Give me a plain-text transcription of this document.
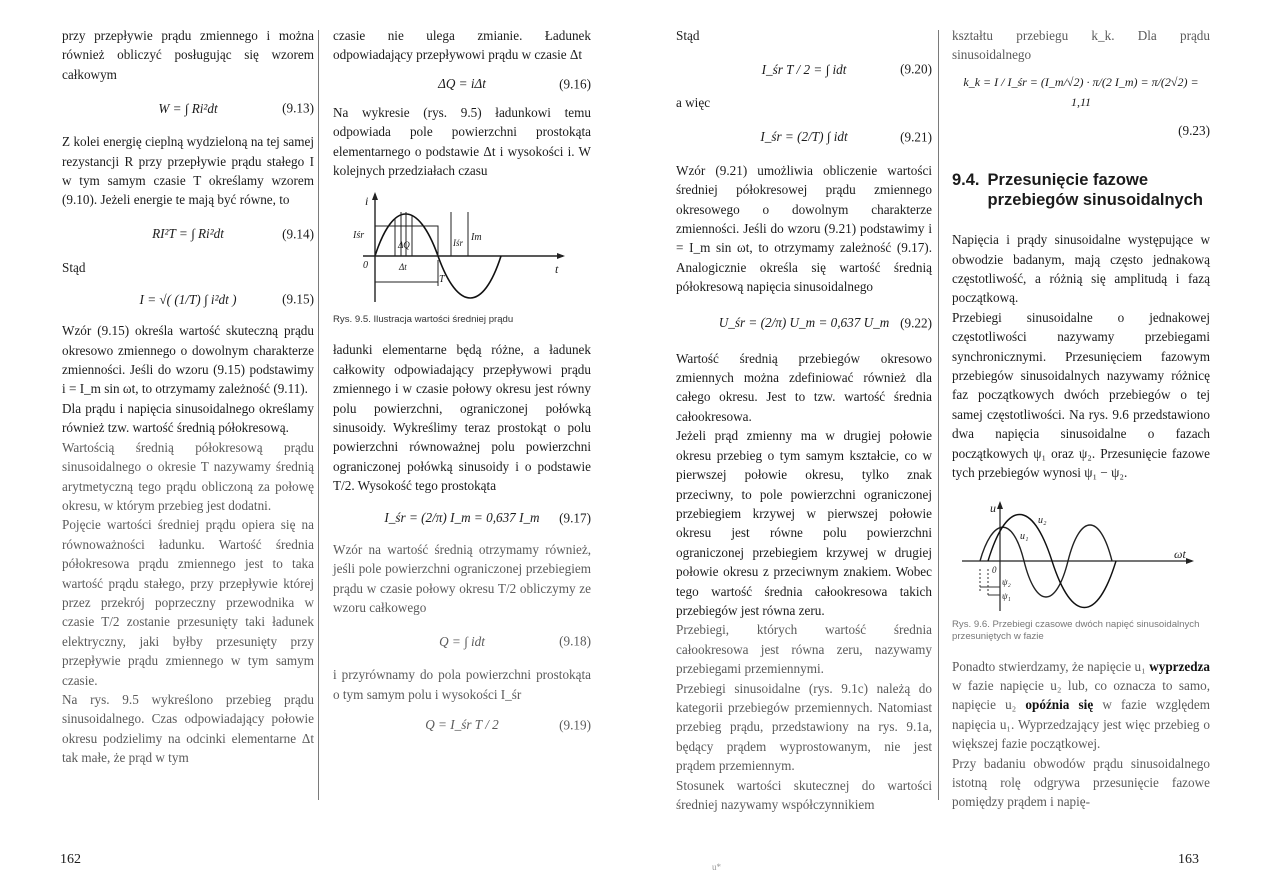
przy przepływie prądu zmiennego i można również obliczyć posługując się wzorem całkowym

W = ∫ Ri²dt	(9.13)

Z kolei energię cieplną wydzieloną na tej samej rezystancji R przy przepływie prądu stałego I w tym samym czasie T określamy wzorem (9.10). Jeżeli energie te mają być równe, to

RI²T = ∫ Ri²dt	(9.14)

Stąd

I = √( (1/T) ∫ i²dt )	(9.15)

Wzór (9.15) określa wartość skuteczną prądu okresowo zmiennego o dowolnym charakterze zmienności. Jeśli do wzoru (9.15) podstawimy i = I_m sin ωt, to otrzymamy zależność (9.11).

Dla prądu i napięcia sinusoidalnego określamy również tzw. wartość średnią półokresową.

Wartością średnią półokresową prądu sinusoidalnego o okresie T nazywamy średnią arytmetyczną tego prądu obliczoną za połowę okresu, w którym przebieg jest dodatni.

Pojęcie wartości średniej prądu opiera się na równoważności ładunku. Wartość średnia półokresowa prądu zmiennego jest to taka wartość prądu stałego, przy przepływie której przez przekrój poprzeczny przewodnika w czasie T/2 zostanie przesunięty taki ładunek elektryczny, jaki byłby przesunięty przy przepływie prądu zmiennego w tym samym czasie.

Na rys. 9.5 wykreślono przebieg prądu sinusoidalnego. Czas odpowiadający połowie okresu podzielimy na odcinki elementarne Δt tak małe, że prąd w tym

czasie nie ulega zmianie. Ładunek odpowiadający przepływowi prądu w czasie Δt

ΔQ = iΔt	(9.16)

Na wykresie (rys. 9.5) ładunkowi temu odpowiada pole powierzchni prostokąta elementarnego o podstawie Δt i wysokości i. W kolejnych przedziałach czasu

i
Iśr
0
ΔQ	Iśr Im
Δt
T
t

Rys. 9.5. Ilustracja wartości średniej prądu

ładunki elementarne będą różne, a ładunek całkowity odpowiadający przepływowi prądu zmiennego i w czasie połowy okresu jest równy polu powierzchni, ograniczonej połówką sinusoidy. Wykreślimy teraz prostokąt o polu powierzchni równoważnej polu powierzchni ograniczonej połówką sinusoidy i o podstawie T/2. Wysokość tego prostokąta

I_śr = (2/π) I_m = 0,637 I_m (9.17)

Wzór na wartość średnią otrzymamy również, jeśli pole powierzchni ograniczonej przebiegiem prądu w czasie połowy okresu T/2 obliczymy ze wzoru całkowego

Q = ∫ idt	(9.18)

i przyrównamy do pola powierzchni prostokąta o tym samym polu i wysokości I_śr

Q = I_śr T / 2	(9.19)
162

Stąd

I_śr T / 2 = ∫ idt	(9.20)

a więc

I_śr = (2/T) ∫ idt	(9.21)

Wzór (9.21) umożliwia obliczenie wartości średniej półokresowej prądu zmiennego okresowego o dowolnym charakterze zmienności. Jeśli do wzoru (9.21) podstawimy i = I_m sin ωt, to otrzymamy zależność (9.17). Analogicznie określa się wartość średnią półokresową napięcia sinusoidalnego

U_śr = (2/π) U_m = 0,637 U_m (9.22)

Wartość średnią przebiegów okresowo zmiennych można zdefiniować również dla całego okresu. Jest to tzw. wartość średnia całookresowa.

Jeżeli prąd zmienny ma w drugiej połowie okresu przebieg o tym samym kształcie, co w pierwszej połowie okresu, tylko znak przeciwny, to pole powierzchni ograniczonej przebiegiem krzywej w pierwszej połowie okresu jest równe polu powierzchni ograniczonej przebiegiem krzywej w drugiej połowie okresu z przeciwnym znakiem. Wobec tego wartość średnia całookresowa takich przebiegów jest równa zeru.

Przebiegi, których wartość średnia całookresowa jest równa zeru, nazywamy przebiegami przemiennymi.

Przebiegi sinusoidalne (rys. 9.1c) należą do kategorii przebiegów przemiennych. Natomiast przebieg prądu, przedstawiony na rys. 9.1a, będący prądem wyprostowanym, nie jest prądem przemiennym.

Stosunek wartości skutecznej do wartości średniej nazywamy współczynnikiem

kształtu przebiegu k_k. Dla prądu sinusoidalnego

k_k = I / I_śr = (I_m/√2) · π/(2 I_m) = π/(2√2) = 1,11
(9.23)
9.4. Przesunięcie fazowe przebiegów sinusoidalnych

Napięcia i prądy sinusoidalne występujące w obwodzie badanym, mają często jednakową częstotliwość, a różnią się amplitudą i fazą początkową.

Przebiegi sinusoidalne o jednakowej częstotliwości nazywamy przebiegami synchronicznymi. Przesunięciem fazowym przebiegów sinusoidalnych nazywamy różnicę faz początkowych dwóch przebiegów o tej samej częstotliwości. Na rys. 9.6 przedstawiono dwa napięcia sinusoidalne o fazach początkowych ψ₁ oraz ψ₂. Przesunięcie fazowe tych przebiegów wynosi ψ₁ − ψ₂.

u
u₂
u₁
0
ψ₂
ψ₁
ωt

Rys. 9.6. Przebiegi czasowe dwóch napięć sinusoidalnych przesuniętych w fazie

Ponadto stwierdzamy, że napięcie u₁ wyprzedza w fazie napięcie u₂ lub, co oznacza to samo, napięcie u₂ opóźnia się w fazie względem napięcia u₁. Wyprzedzający jest więc przebieg o większej fazie początkowej.

Przy badaniu obwodów prądu sinusoidalnego istotną rolę odgrywa przesunięcie fazowe pomiędzy prądem i napię-

163
u*
